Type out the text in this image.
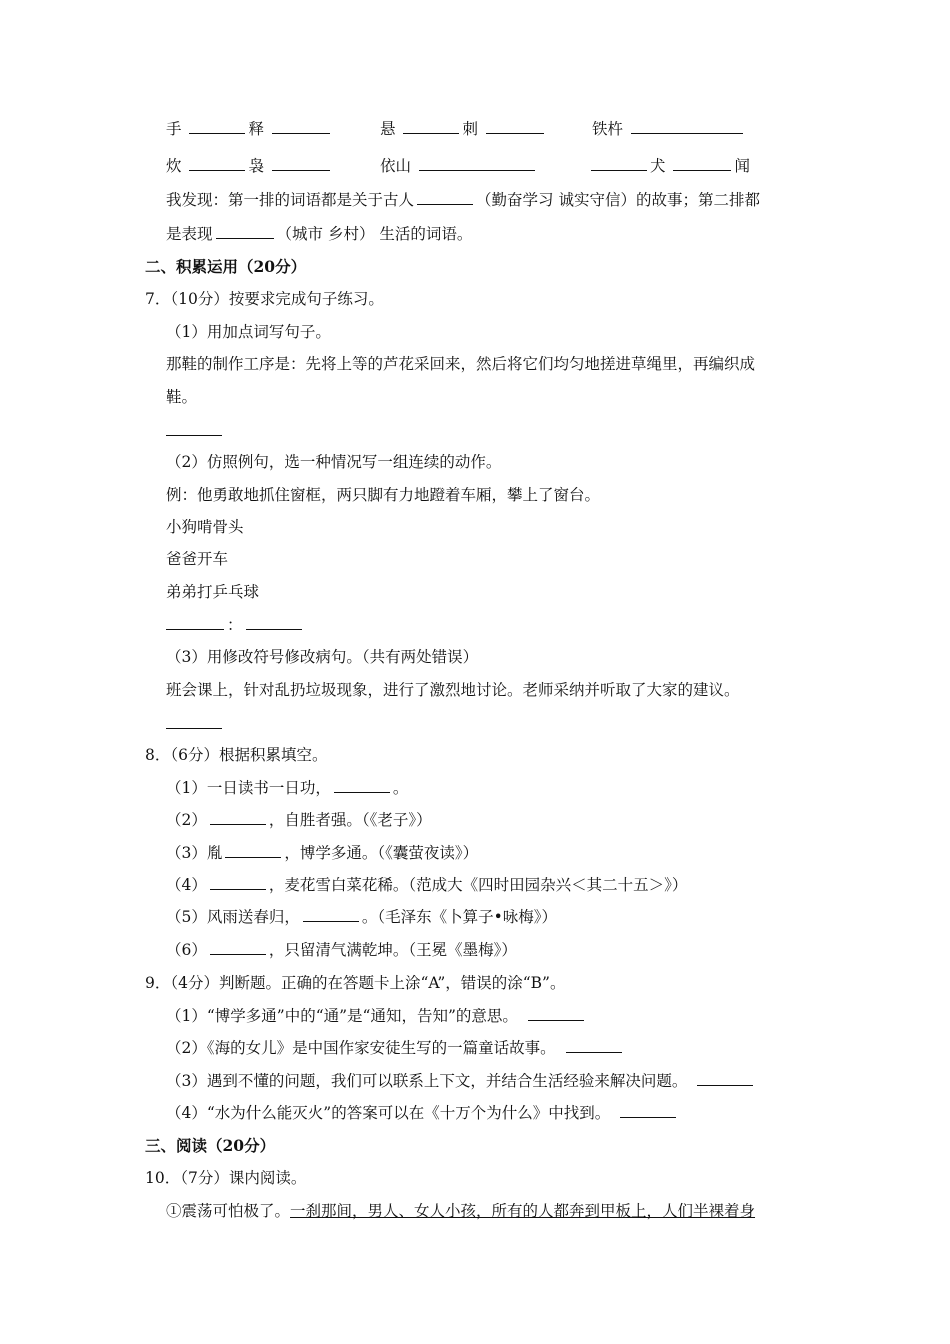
手	释	悬	刺	铁杵
炊	袅	依山	犬	闻
我发现：第一排的词语都是关于古人	（勤奋学习 诚实守信）的故事；第二排都
是表现	（城市 乡村） 生活的词语。
二、积累运用（20分）
7．（10分）按要求完成句子练习。
（1）用加点词写句子。
那鞋的制作工序是：先将上等的芦花采回来，然后将它们均匀地搓进草绳里，再编织成
鞋。
（2）仿照例句，选一种情况写一组连续的动作。
例：他勇敢地抓住窗框，两只脚有力地蹬着车厢，攀上了窗台。
小狗啃骨头
爸爸开车
弟弟打乒乓球
：
（3）用修改符号修改病句。（共有两处错误）
班会课上，针对乱扔垃圾现象，进行了激烈地讨论。老师采纳并听取了大家的建议。
8．（6分）根据积累填空。
（1）一日读书一日功，	。
（2）	，自胜者强。（《老子》）
（3）胤	，博学多通。（《囊萤夜读》）
（4）	，麦花雪白菜花稀。（范成大《四时田园杂兴＜其二十五＞》）
（5）风雨送春归，	。（毛泽东《卜算子•咏梅》）
（6）	，只留清气满乾坤。（王冕《墨梅》）
9．（4分）判断题。正确的在答题卡上涂“A”，错误的涂“B”。
（1）“博学多通”中的“通”是“通知，告知”的意思。
（2）《海的女儿》是中国作家安徒生写的一篇童话故事。
（3）遇到不懂的问题，我们可以联系上下文，并结合生活经验来解决问题。
（4）“水为什么能灭火”的答案可以在《十万个为什么》中找到。
三、阅读（20分）
10．（7分）课内阅读。
①震荡可怕极了。一刹那间，男人、女人小孩，所有的人都奔到甲板上，人们半裸着身
